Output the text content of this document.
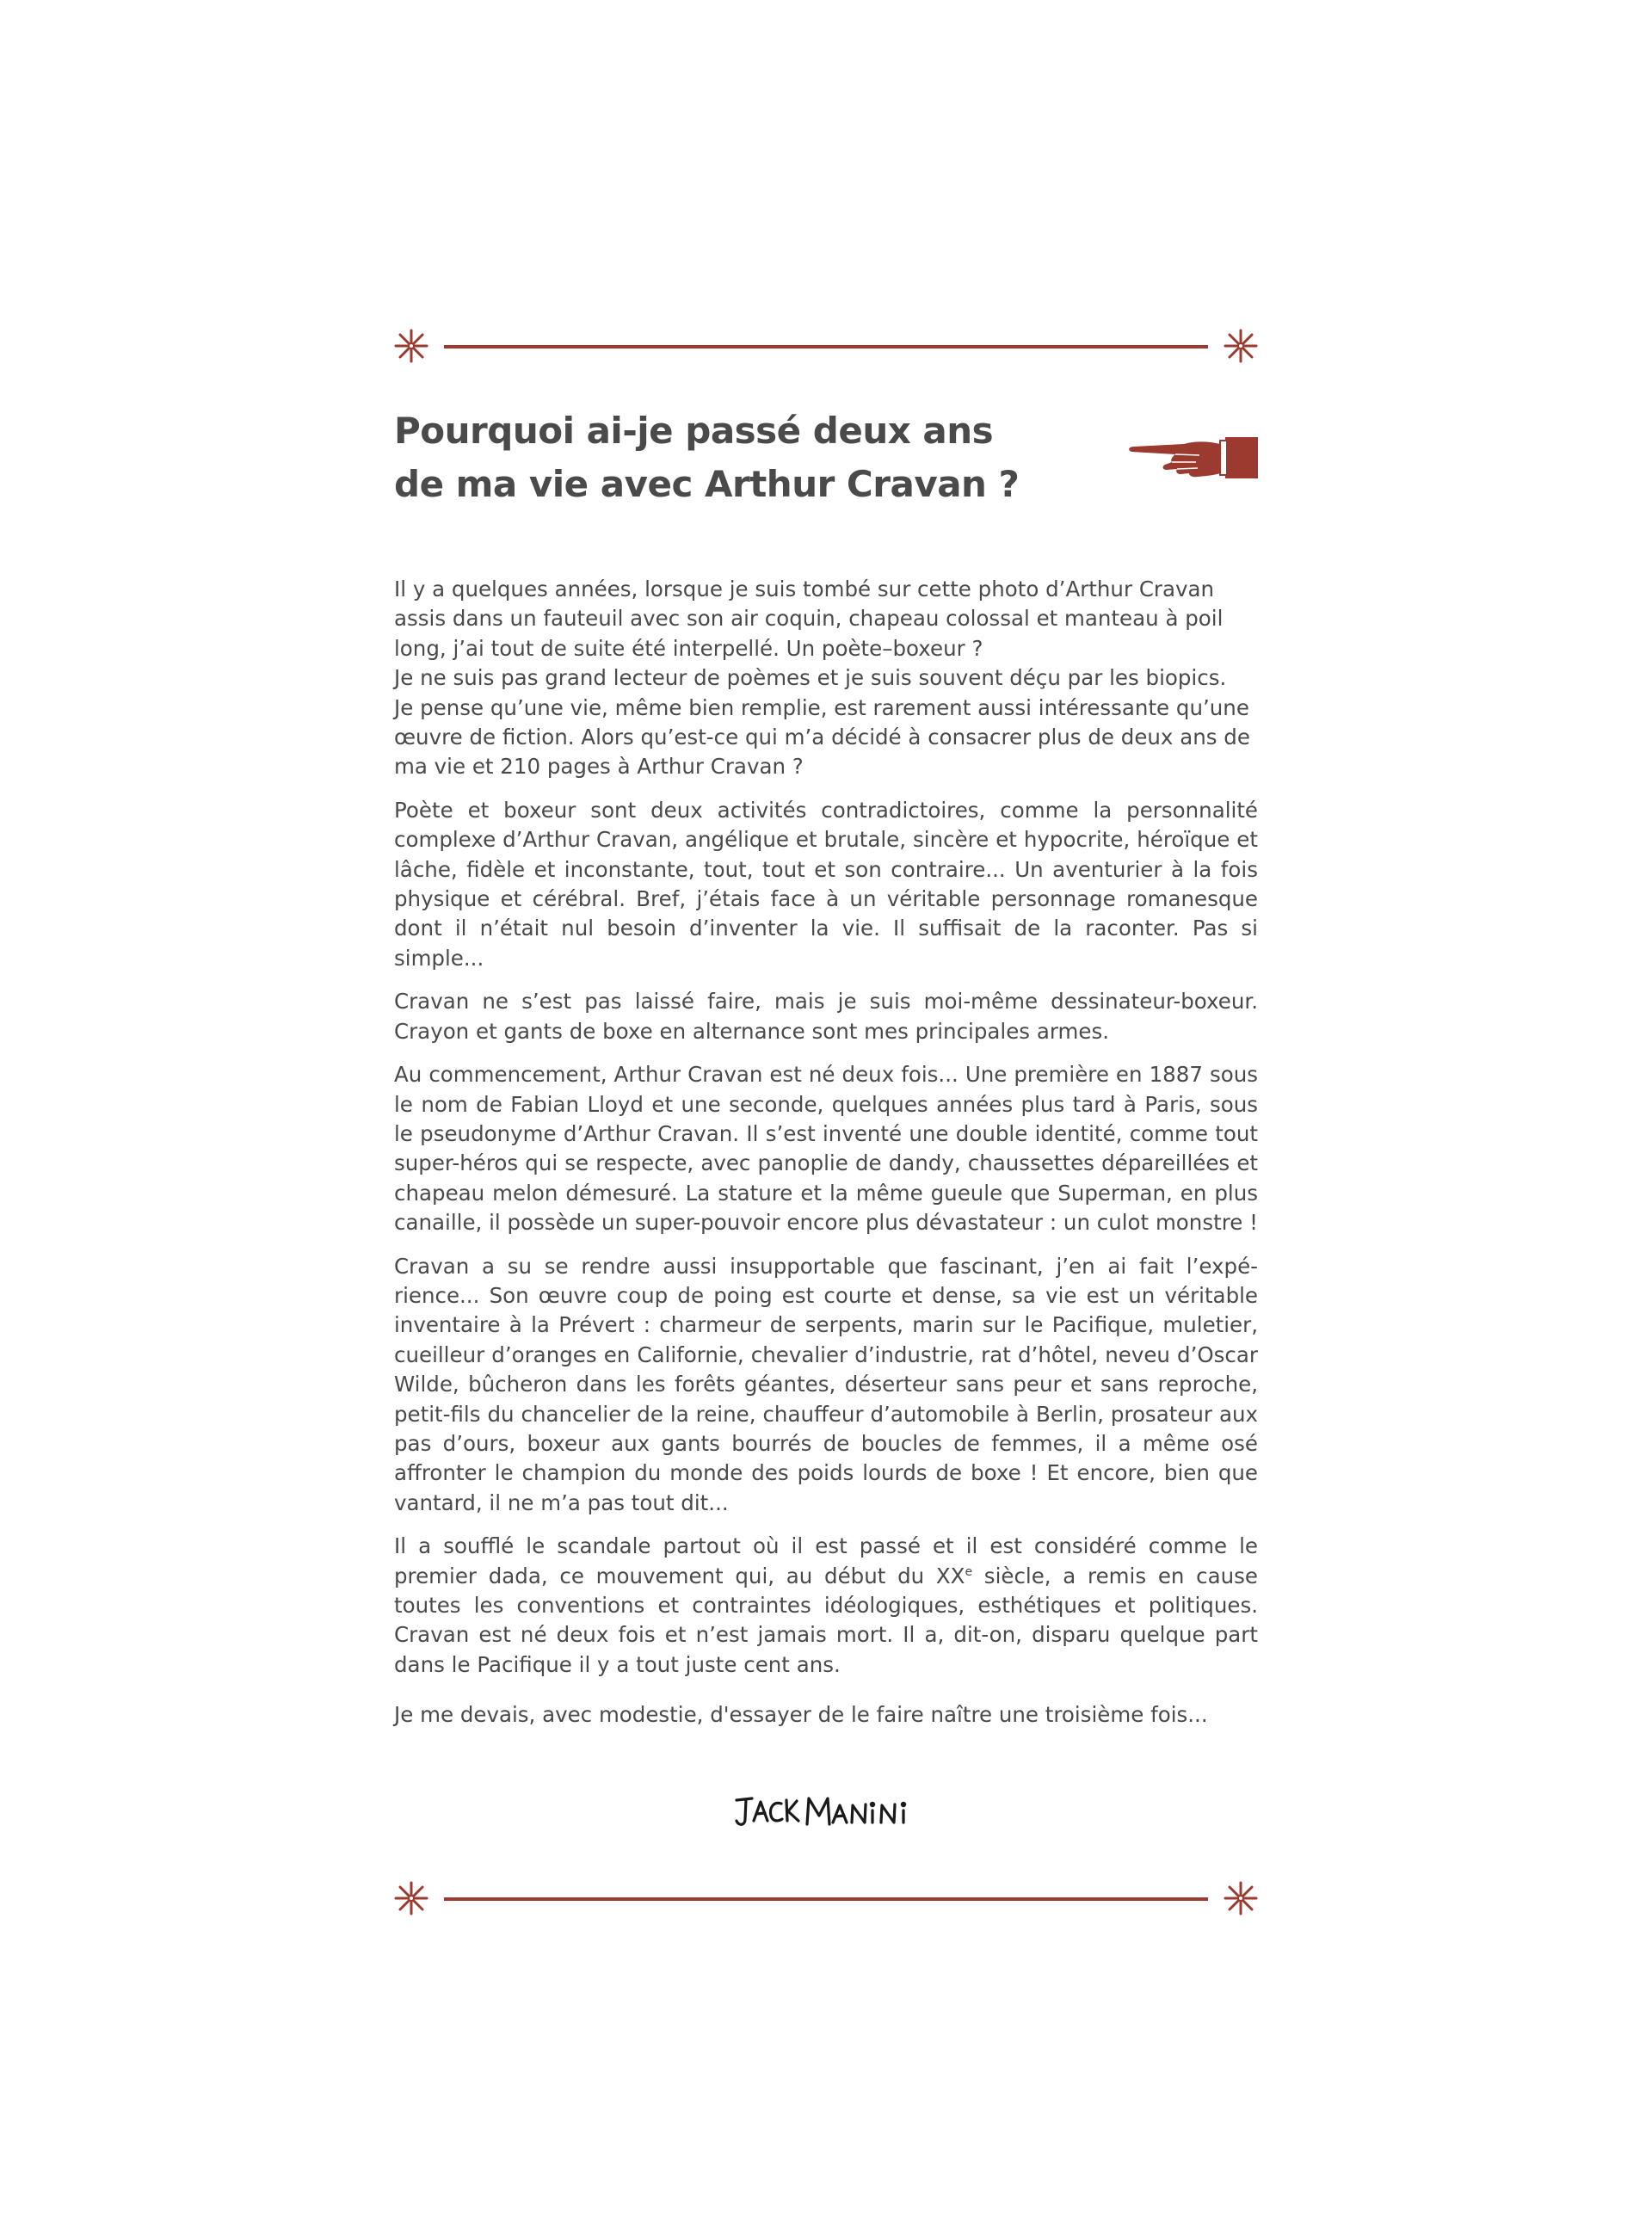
Pourquoi ai-je passé deux ans
de ma vie avec Arthur Cravan ?

Il y a quelques années, lorsque je suis tombé sur cette photo d’Arthur Cravan
assis dans un fauteuil avec son air coquin, chapeau colossal et manteau à poil
long, j’ai tout de suite été interpellé. Un poète–boxeur ?
Je ne suis pas grand lecteur de poèmes et je suis souvent déçu par les biopics.
Je pense qu’une vie, même bien remplie, est rarement aussi intéressante qu’une
œuvre de fiction. Alors qu’est-ce qui m’a décidé à consacrer plus de deux ans de
ma vie et 210 pages à Arthur Cravan ?

Poète et boxeur sont deux activités contradictoires, comme la personnalité complexe d’Arthur Cravan, angélique et brutale, sincère et hypocrite, héroïque et lâche, fidèle et inconstante, tout, tout et son contraire... Un aventurier à la fois physique et cérébral. Bref, j’étais face à un véritable personnage romanesque dont il n’était nul besoin d’inventer la vie. Il suffisait de la raconter. Pas si simple...

Cravan ne s’est pas laissé faire, mais je suis moi-même dessinateur-boxeur. Crayon et gants de boxe en alternance sont mes principales armes.

Au commencement, Arthur Cravan est né deux fois... Une première en 1887 sous le nom de Fabian Lloyd et une seconde, quelques années plus tard à Paris, sous le pseudonyme d’Arthur Cravan. Il s’est inventé une double identité, comme tout super-héros qui se respecte, avec panoplie de dandy, chaussettes dépareillées et chapeau melon démesuré. La stature et la même gueule que Superman, en plus canaille, il possède un super-pouvoir encore plus dévastateur : un culot monstre !

Cravan a su se rendre aussi insupportable que fascinant, j’en ai fait l’expérience... Son œuvre coup de poing est courte et dense, sa vie est un véritable inventaire à la Prévert : charmeur de serpents, marin sur le Pacifique, muletier, cueilleur d’oranges en Californie, chevalier d’industrie, rat d’hôtel, neveu d’Oscar Wilde, bûcheron dans les forêts géantes, déserteur sans peur et sans reproche, petit-fils du chancelier de la reine, chauffeur d’automobile à Berlin, prosateur aux pas d’ours, boxeur aux gants bourrés de boucles de femmes, il a même osé affronter le champion du monde des poids lourds de boxe ! Et encore, bien que vantard, il ne m’a pas tout dit...

Il a soufflé le scandale partout où il est passé et il est considéré comme le premier dada, ce mouvement qui, au début du XXe siècle, a remis en cause toutes les conventions et contraintes idéologiques, esthétiques et politiques. Cravan est né deux fois et n’est jamais mort. Il a, dit-on, disparu quelque part dans le Pacifique il y a tout juste cent ans.

Je me devais, avec modestie, d'essayer de le faire naître une troisième fois...
